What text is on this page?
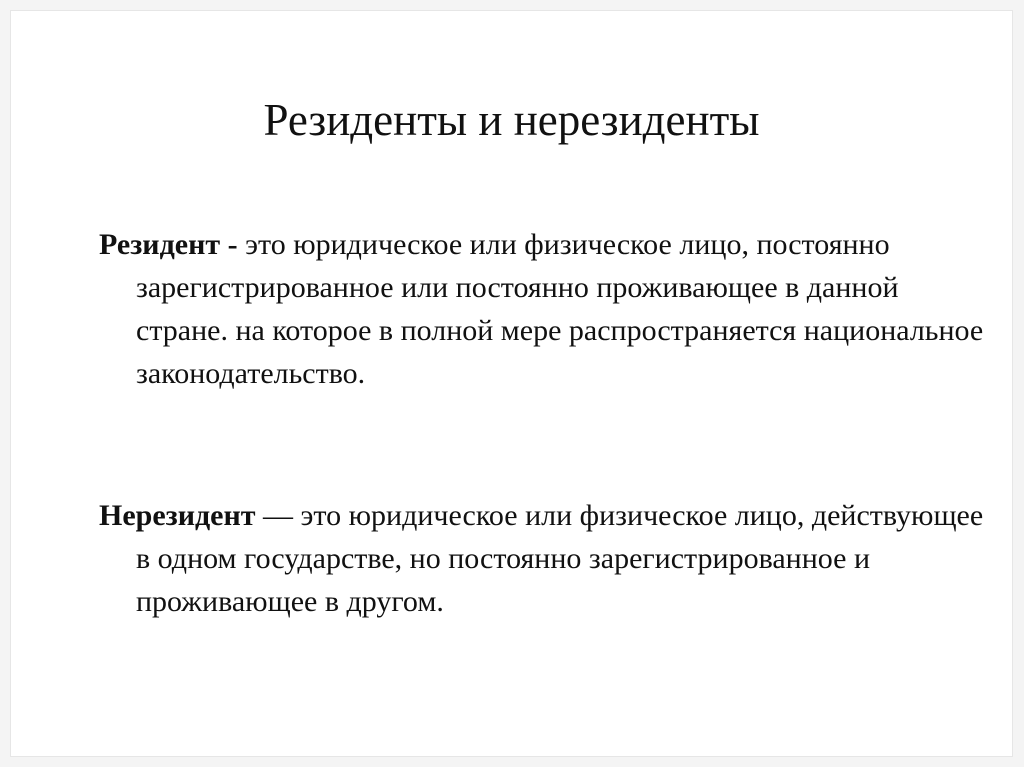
Резиденты и нерезиденты

Резидент - это юридическое или физическое лицо, постоянно зарегистрированное или постоянно проживающее в данной стране. на которое в полной мере распространяется национальное законодательство.

Нерезидент — это юридическое или физическое лицо, действующее в одном государстве, но постоянно зарегистрированное и проживающее в другом.
